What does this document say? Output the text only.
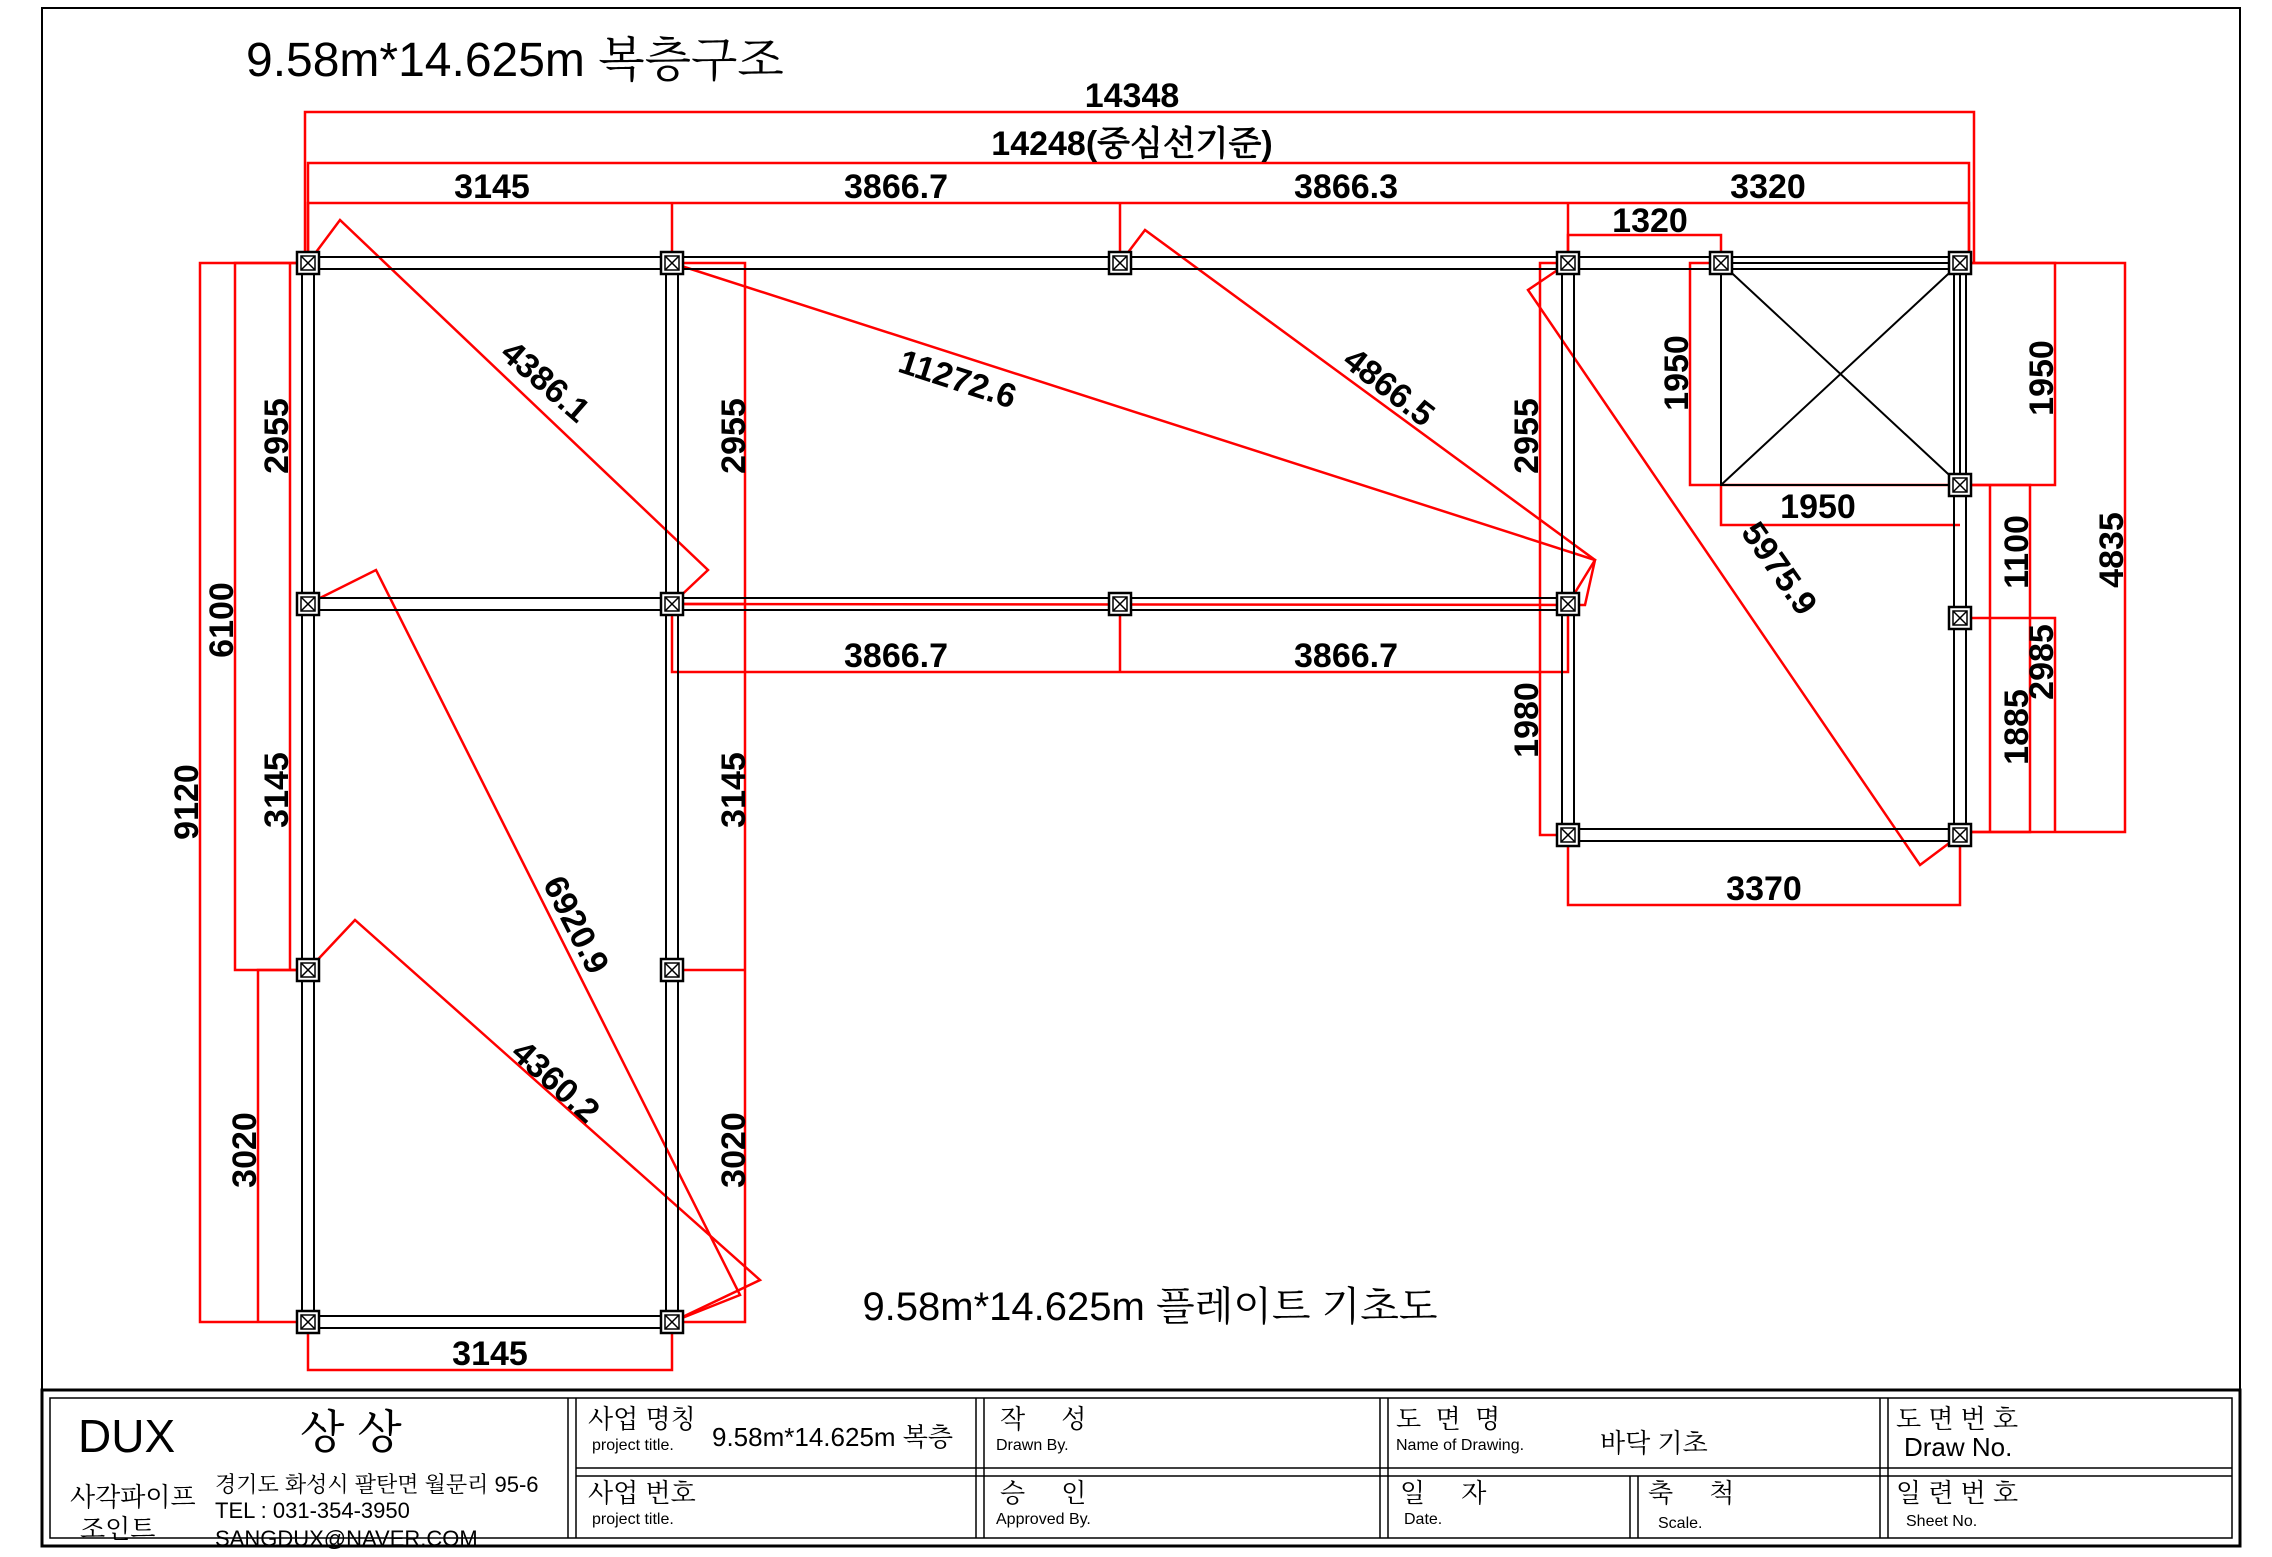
9.58m*14.625m 복층구조
14348
14248(중심선기준)
3145	3866.7	3866.3	3320
1320
3866.7	3866.7
3145
3370
1950
9120
6100
2955
3145
3020
2955
3145
3020
2955
1980
1950	1950
1100
1885
2985
4835
4386.1	11272.6	4866.5
5975.9
6920.9
4360.2
9.58m*14.625m 플레이트 기초도
DUX	상 상
사각파이프
조인트
경기도 화성시 팔탄면 월문리 95-6
TEL : 031-354-3950
SANGDUX@NAVER.COM
사업 명칭
project title. 9.58m*14.625m 복층
사업 번호
project title.
작     성
Drawn By.
승     인
Approved By.
도  면  명
Name of Drawing.	바닥 기초
일     자
Date.
축     척
Scale.
도 면 번 호
Draw No.
일 련 번 호
Sheet No.
